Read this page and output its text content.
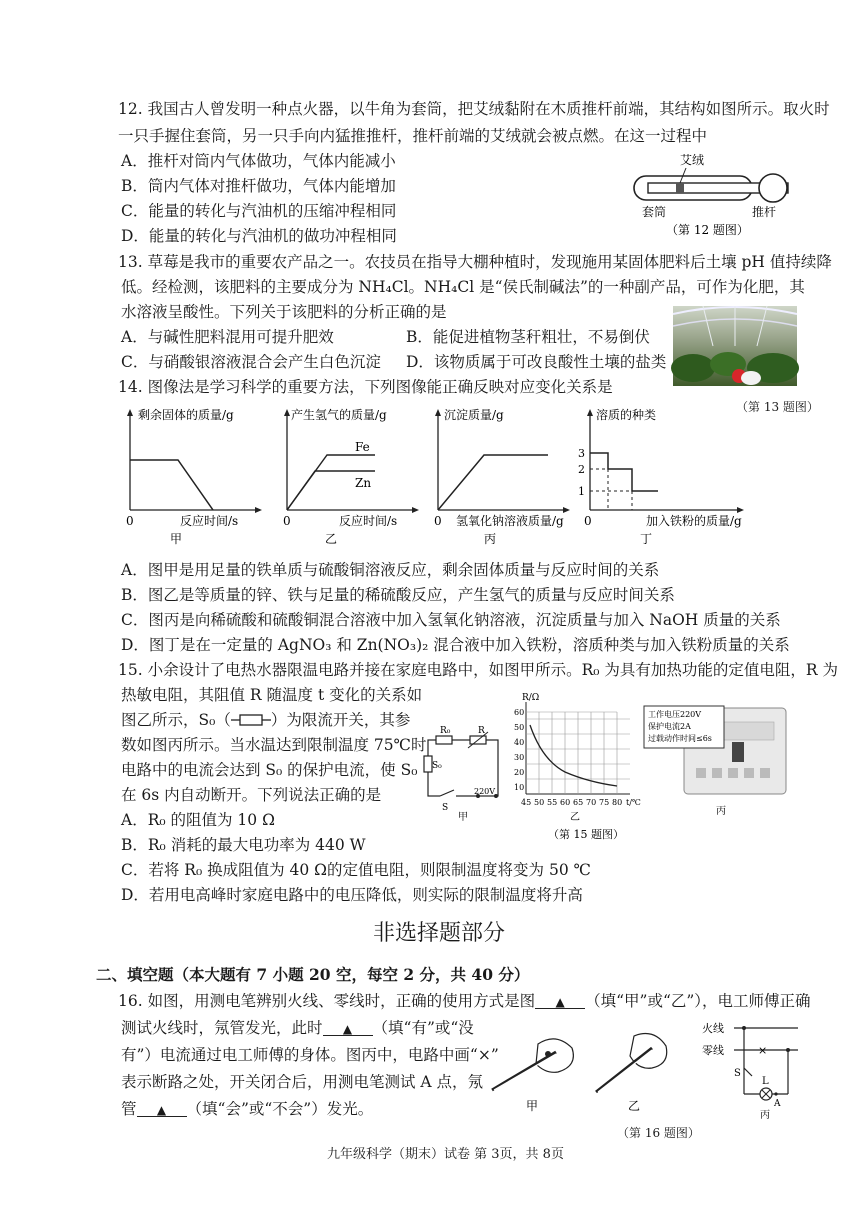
12. 我国古人曾发明一种点火器，以牛角为套筒，把艾绒黏附在木质推杆前端，其结构如图所示。取火时
一只手握住套筒，另一只手向内猛推推杆，推杆前端的艾绒就会被点燃。在这一过程中
A．推杆对筒内气体做功，气体内能减小
B．筒内气体对推杆做功，气体内能增加
C．能量的转化与汽油机的压缩冲程相同
D．能量的转化与汽油机的做功冲程相同
艾绒
套筒	推杆
（第 12 题图）
13. 草莓是我市的重要农产品之一。农技员在指导大棚种植时，发现施用某固体肥料后土壤 pH 值持续降
低。经检测，该肥料的主要成分为 NH₄Cl。NH₄Cl 是“侯氏制碱法”的一种副产品，可作为化肥，其
水溶液呈酸性。下列关于该肥料的分析正确的是
A．与碱性肥料混用可提升肥效	B．能促进植物茎秆粗壮，不易倒伏
C．与硝酸银溶液混合会产生白色沉淀 D．该物质属于可改良酸性土壤的盐类
（第 13 题图）
14. 图像法是学习科学的重要方法，下列图像能正确反映对应变化关系是
剩余固体的质量/g
0	反应时间/s
甲
Fe
Zn
产生氢气的质量/g
0	反应时间/s
乙
沉淀质量/g
0 氢氧化钠溶液质量/g
丙
3
2
1
溶质的种类
0	加入铁粉的质量/g
丁
A．图甲是用足量的铁单质与硫酸铜溶液反应，剩余固体质量与反应时间的关系
B．图乙是等质量的锌、铁与足量的稀硫酸反应，产生氢气的质量与反应时间关系
C．图丙是向稀硫酸和硫酸铜混合溶液中加入氢氧化钠溶液，沉淀质量与加入 NaOH 质量的关系
D．图丁是在一定量的 AgNO₃ 和 Zn(NO₃)₂ 混合液中加入铁粉，溶质种类与加入铁粉质量的关系
15. 小余设计了电热水器限温电路并接在家庭电路中，如图甲所示。R₀ 为具有加热功能的定值电阻，R 为
热敏电阻，其阻值 R 随温度 t 变化的关系如
图乙所示，S₀（	）为限流开关，其参
数如图丙所示。当水温达到限制温度 75℃时
电路中的电流会达到 S₀ 的保护电流，使 S₀
在 6s 内自动断开。下列说法正确的是
A．R₀ 的阻值为 10 Ω
B．R₀ 消耗的最大电功率为 440 W
C．若将 R₀ 换成阻值为 40 Ω的定值电阻，则限制温度将变为 50 ℃
D．若用电高峰时家庭电路中的电压降低，则实际的限制温度将升高
R₀	R
S₀
S
220V
甲
R/Ω
60
50
40
30
20
10
45 50 55 60 65 70 75 80 t/℃
乙
（第 15 题图）
工作电压220V
保护电流2A
过载动作时间≤6s
丙
非选择题部分
二、填空题（本大题有 7 小题 20 空，每空 2 分，共 40 分）
16. 如图，用测电笔辨别火线、零线时，正确的使用方式是图 ▲ （填“甲”或“乙”），电工师傅正确
测试火线时，氖管发光，此时 ▲ （填“有”或“没
有”）电流通过电工师傅的身体。图丙中，电路中画“×”
表示断路之处，开关闭合后，用测电笔测试 A 点，氖
管 ▲ （填“会”或“不会”）发光。	甲	乙
火线
零线	×
S
L
A
丙
（第 16 题图）
九年级科学（期末）试卷 第 3页，共 8页
